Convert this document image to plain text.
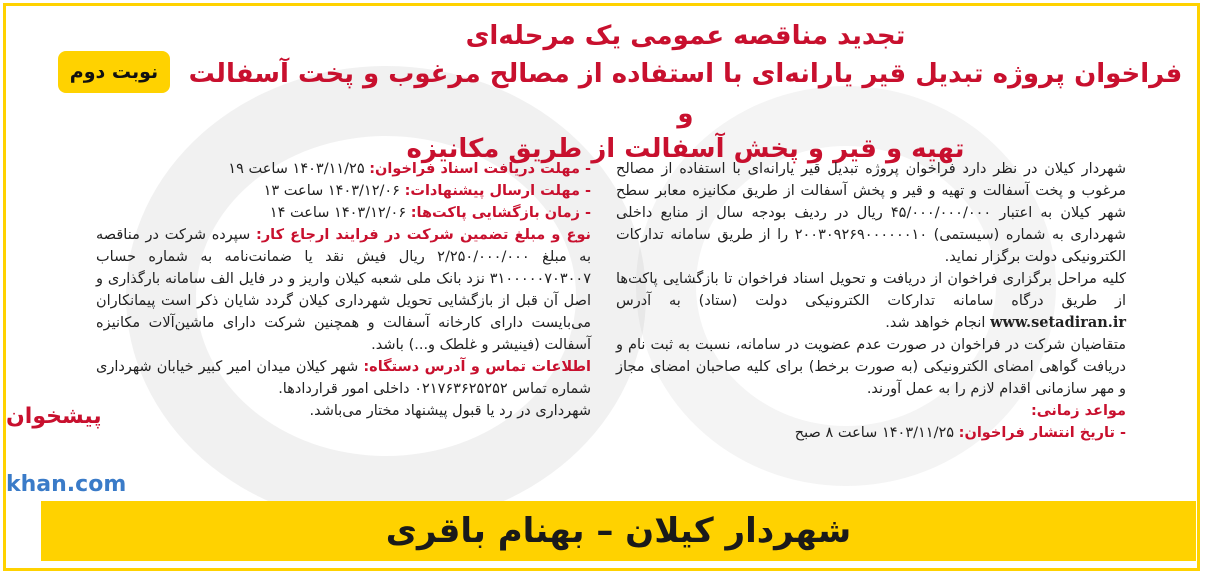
پیشخوان
khan.com
نوبت دوم
تجدید مناقصه عمومی یک مرحله‌ای
فراخوان پروژه تبدیل قیر یارانه‌ای با استفاده از مصالح مرغوب و پخت آسفالت و
تهیه و قیر و پخش آسفالت از طریق مکانیزه

شهردار کیلان در نظر دارد فراخوان پروژه تبدیل قیر یارانه‌ای با استفاده از مصالح مرغوب و پخت آسفالت و تهیه و قیر و پخش آسفالت از طریق مکانیزه معابر سطح شهر کیلان به اعتبار ۴۵/۰۰۰/۰۰۰/۰۰۰ ریال در ردیف بودجه سال از منابع داخلی شهرداری به شماره (سیستمی) ۲۰۰۳۰۹۲۶۹۰۰۰۰۰۰۱۰ را از طریق سامانه تدارکات الکترونیکی دولت برگزار نماید.

کلیه مراحل برگزاری فراخوان از دریافت و تحویل اسناد فراخوان تا بازگشایی پاکت‌ها از طریق درگاه سامانه تدارکات الکترونیکی دولت (ستاد) به آدرس www.setadiran.ir انجام خواهد شد.

متقاضیان شرکت در فراخوان در صورت عدم عضویت در سامانه، نسبت به ثبت نام و دریافت گواهی امضای الکترونیکی (به صورت برخط) برای کلیه صاحبان امضای مجاز و مهر سازمانی اقدام لازم را به عمل آورند.

مواعد زمانی:

- تاریخ انتشار فراخوان: ۱۴۰۳/۱۱/۲۵ ساعت ۸ صبح

- مهلت دریافت اسناد فراخوان: ۱۴۰۳/۱۱/۲۵ ساعت ۱۹

- مهلت ارسال پیشنهادات: ۱۴۰۳/۱۲/۰۶ ساعت ۱۳

- زمان بازگشایی پاکت‌ها: ۱۴۰۳/۱۲/۰۶ ساعت ۱۴

نوع و مبلغ تضمین شرکت در فرایند ارجاع کار: سپرده شرکت در مناقصه به مبلغ ۲/۲۵۰/۰۰۰/۰۰۰ ریال فیش نقد یا ضمانت‌نامه به شماره حساب ۳۱۰۰۰۰۰۷۰۳۰۰۷ نزد بانک ملی شعبه کیلان واریز و در فایل الف سامانه بارگذاری و اصل آن قبل از بازگشایی تحویل شهرداری کیلان گردد شایان ذکر است پیمانکاران می‌بایست دارای کارخانه آسفالت و همچنین شرکت دارای ماشین‌آلات مکانیزه آسفالت (فینیشر و غلطک و...) باشد.

اطلاعات تماس و آدرس دستگاه: شهر کیلان میدان امیر کبیر خیابان شهرداری شماره تماس ۰۲۱۷۶۳۶۲۵۲۵۲ داخلی امور قراردادها.

شهرداری در رد یا قبول پیشنهاد مختار می‌باشد.

شهردار کیلان – بهنام باقری
